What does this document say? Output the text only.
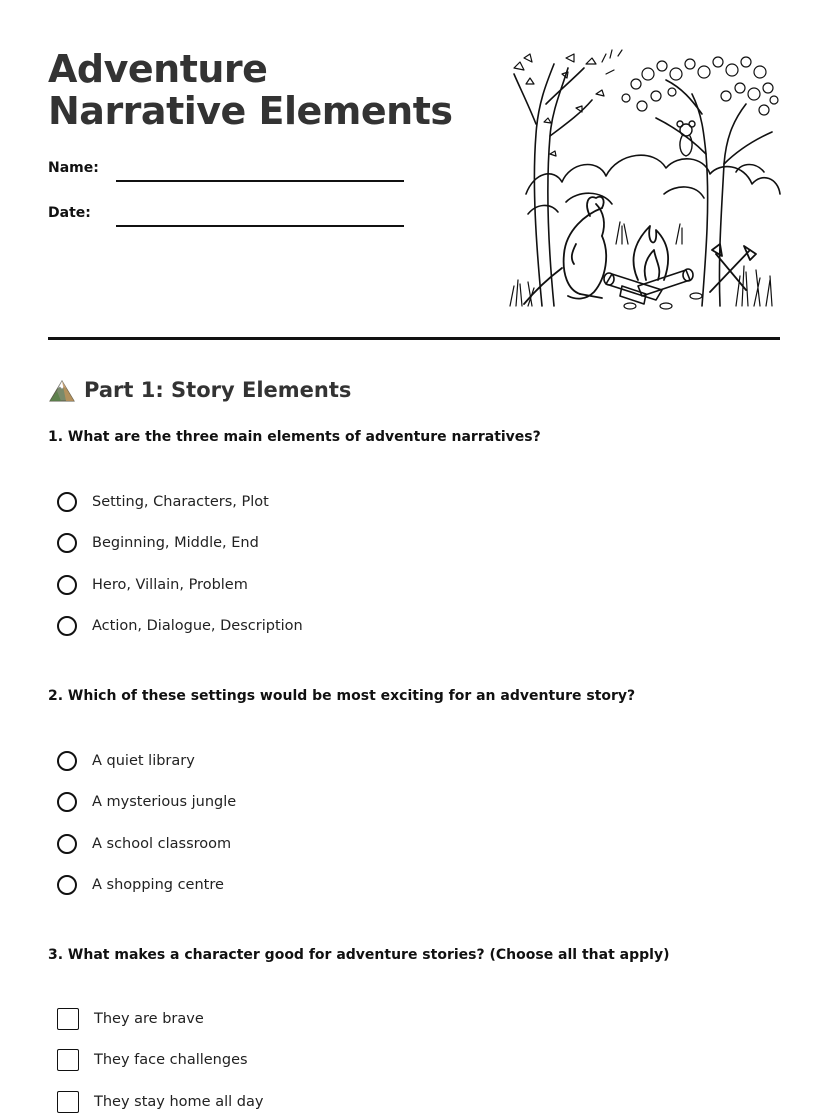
Adventure Narrative Elements
Name:
Date:
Part 1: Story Elements
1. What are the three main elements of adventure narratives?
Setting, Characters, Plot
Beginning, Middle, End
Hero, Villain, Problem
Action, Dialogue, Description
2. Which of these settings would be most exciting for an adventure story?
A quiet library
A mysterious jungle
A school classroom
A shopping centre
3. What makes a character good for adventure stories? (Choose all that apply)
They are brave
They face challenges
They stay home all day
